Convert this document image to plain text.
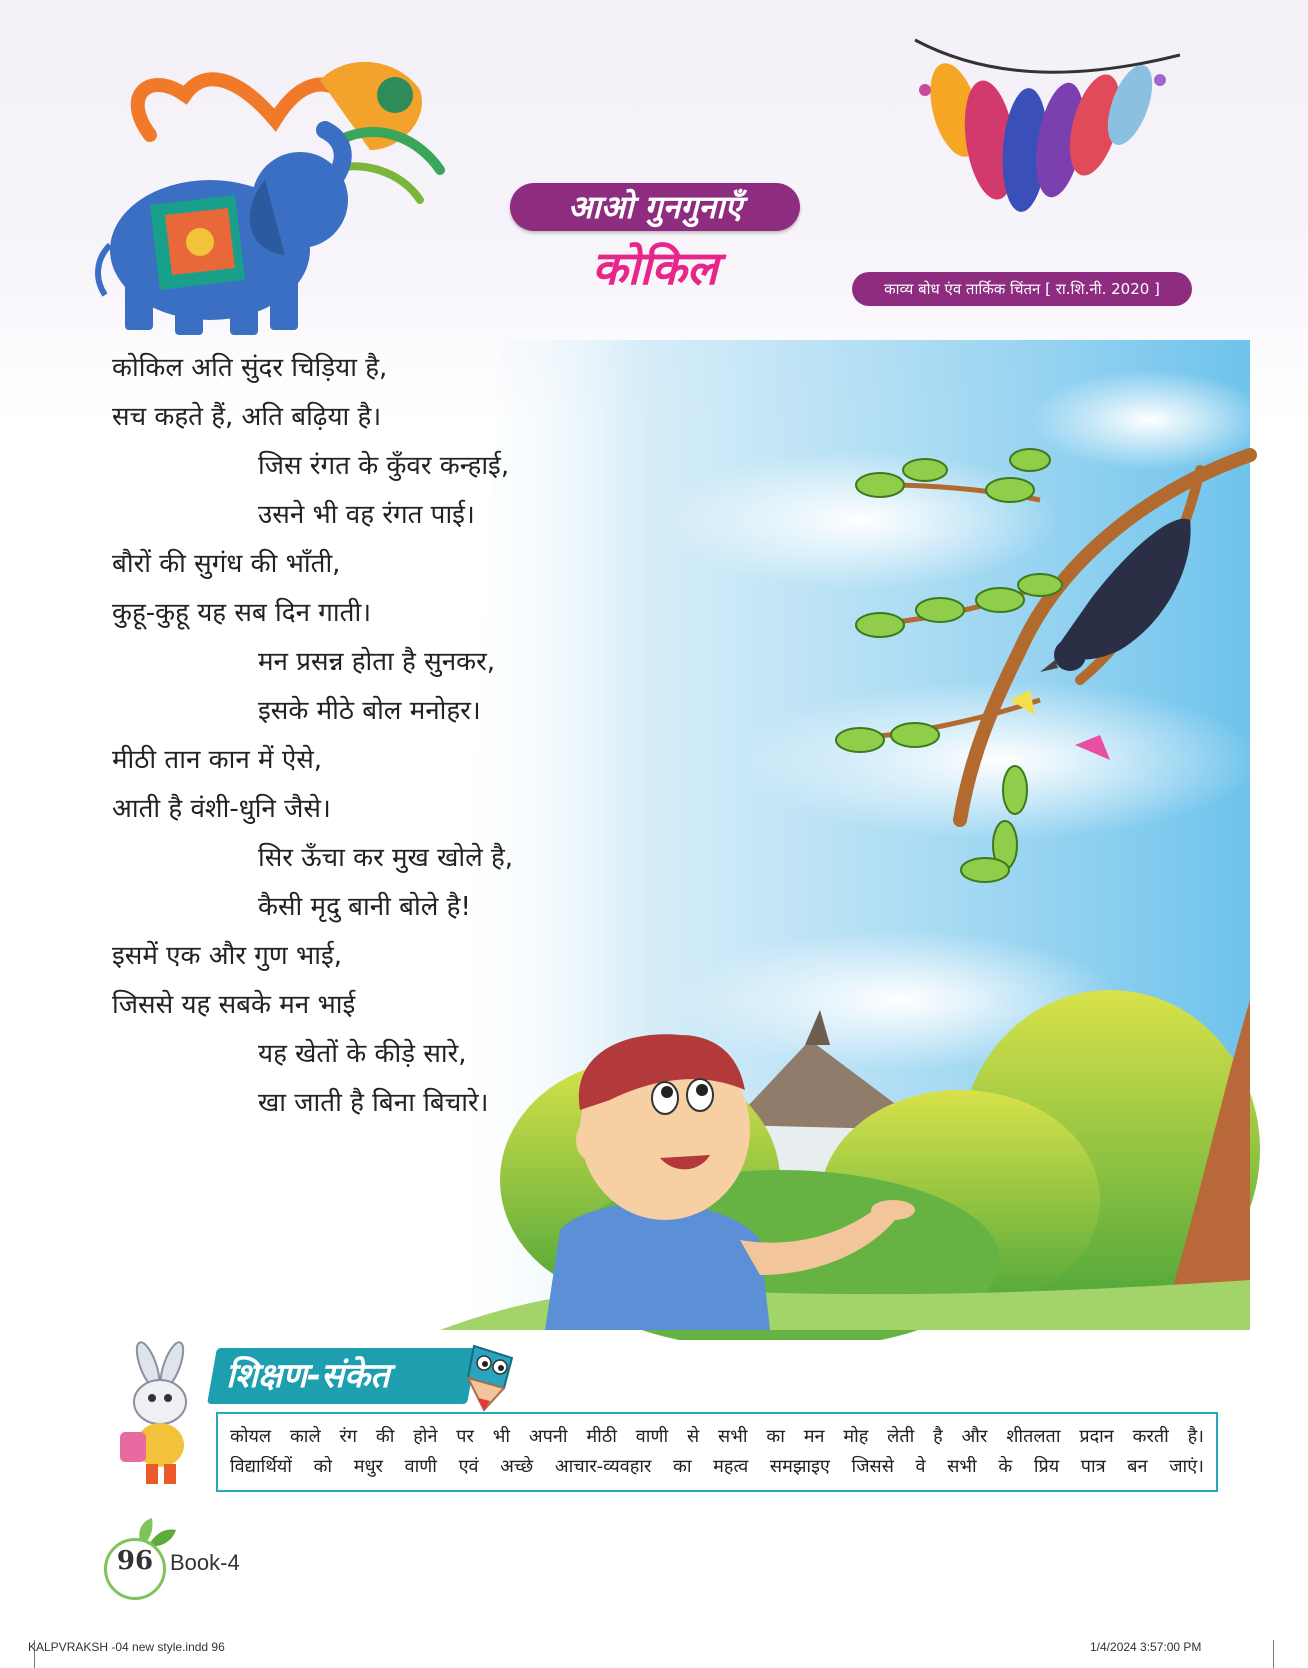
आओ गुनगुनाएँ
कोकिल	काव्य बोध एंव तार्किक चिंतन [ रा.शि.नी. 2020 ]
कोकिल अति सुंदर चिड़िया है,
सच कहते हैं, अति बढ़िया है।
जिस रंगत के कुँवर कन्हाई,
उसने भी वह रंगत पाई।
बौरों की सुगंध की भाँती,
कुहू-कुहू यह सब दिन गाती।
मन प्रसन्न होता है सुनकर,
इसके मीठे बोल मनोहर।
मीठी तान कान में ऐसे,
आती है वंशी-धुनि जैसे।
सिर ऊँचा कर मुख खोले है,
कैसी मृदु बानी बोले है!
इसमें एक और गुण भाई,
जिससे यह सबके मन भाई
यह खेतों के कीड़े सारे,
खा जाती है बिना बिचारे।
शिक्षण-संकेत
कोयल काले रंग की होने पर भी अपनी मीठी वाणी से सभी का मन मोह लेती है और शीतलता प्रदान करती है।
विद्यार्थियों को मधुर वाणी एवं अच्छे आचार-व्यवहार का महत्व समझाइए जिससे वे सभी के प्रिय पात्र बन जाएं।
96 Book-4
KALPVRAKSH -04 new style.indd 96	1/4/2024 3:57:00 PM
